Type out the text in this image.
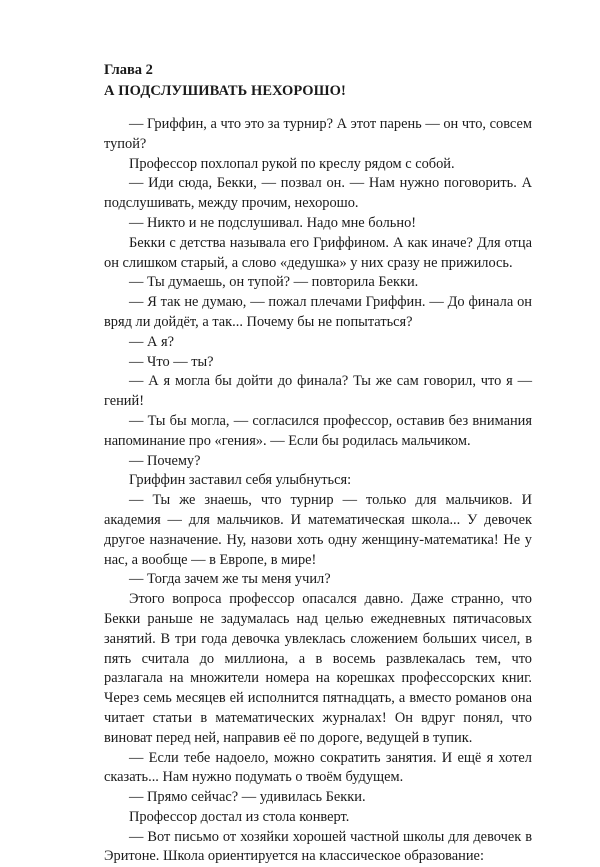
Глава 2
А ПОДСЛУШИВАТЬ НЕХОРОШО!

— Гриффин, а что это за турнир? А этот парень — он что, совсем тупой?

Профессор похлопал рукой по креслу рядом с собой.

— Иди сюда, Бекки, — позвал он. — Нам нужно поговорить. А подслушивать, между прочим, нехорошо.

— Никто и не подслушивал. Надо мне больно!

Бекки с детства называла его Гриффином. А как иначе? Для отца он слишком старый, а слово «дедушка» у них сразу не прижилось.

— Ты думаешь, он тупой? — повторила Бекки.

— Я так не думаю, — пожал плечами Гриффин. — До финала он вряд ли дойдёт, а так... Почему бы не попытаться?

— А я?

— Что — ты?

— А я могла бы дойти до финала? Ты же сам говорил, что я — гений!

— Ты бы могла, — согласился профессор, оставив без внимания напоминание про «гения». — Если бы родилась мальчиком.

— Почему?

Гриффин заставил себя улыбнуться:

— Ты же знаешь, что турнир — только для мальчиков. И академия — для мальчиков. И математическая школа... У девочек другое назначение. Ну, назови хоть одну женщину-математика! Не у нас, а вообще — в Европе, в мире!

— Тогда зачем же ты меня учил?

Этого вопроса профессор опасался давно. Даже странно, что Бекки раньше не задумалась над целью ежедневных пятичасовых занятий. В три года девочка увлеклась сложением больших чисел, в пять считала до миллиона, а в восемь развлекалась тем, что разлагала на множители номера на корешках профессорских книг. Через семь месяцев ей исполнится пятнадцать, а вместо романов она читает статьи в математических журналах! Он вдруг понял, что виноват перед ней, направив её по дороге, ведущей в тупик.

— Если тебе надоело, можно сократить занятия. И ещё я хотел сказать... Нам нужно подумать о твоём будущем.

— Прямо сейчас? — удивилась Бекки.

Профессор достал из стола конверт.

— Вот письмо от хозяйки хорошей частной школы для девочек в Эритоне. Школа ориентируется на классическое образование:
